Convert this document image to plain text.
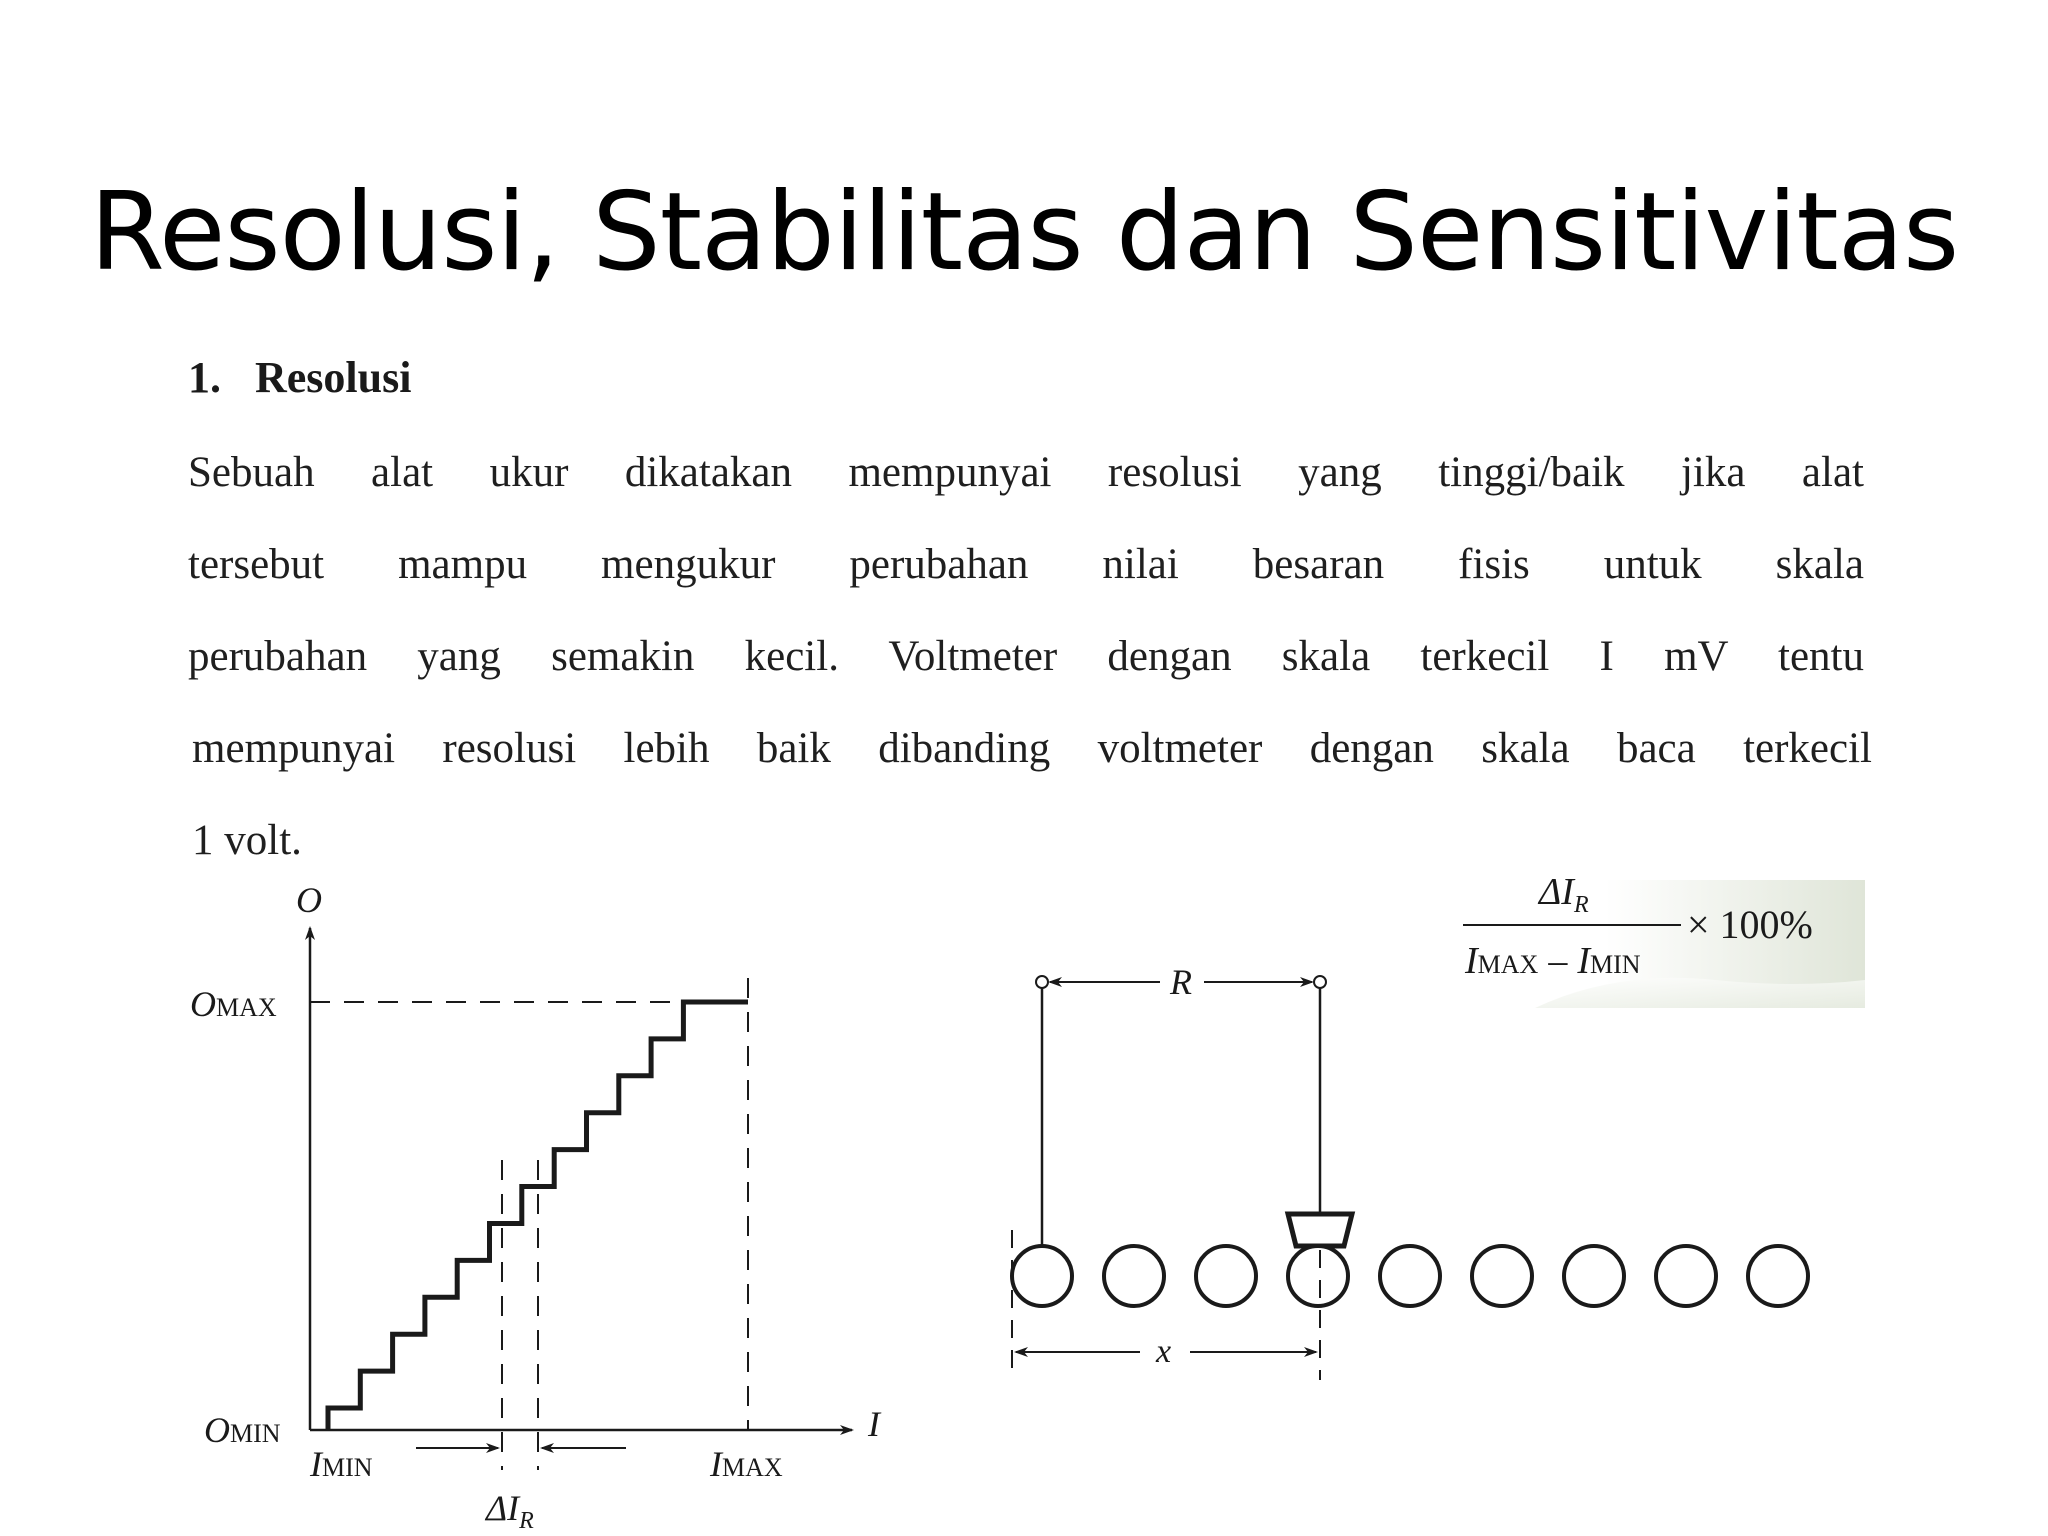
Resolusi, Stabilitas dan Sensitivitas
1. Resolusi
Sebuah alat ukur dikatakan mempunyai resolusi yang tinggi/baik jika alat
tersebut mampu mengukur perubahan nilai besaran fisis untuk skala
perubahan yang semakin kecil. Voltmeter dengan skala terkecil I mV tentu
mempunyai resolusi lebih baik dibanding voltmeter dengan skala baca terkecil
1 volt.
O
I
OMAX
OMIN
IMIN	IMAX
$\Delta I_R$
$\Delta I_R$
IMAX – IMIN
× 100%
R
x
